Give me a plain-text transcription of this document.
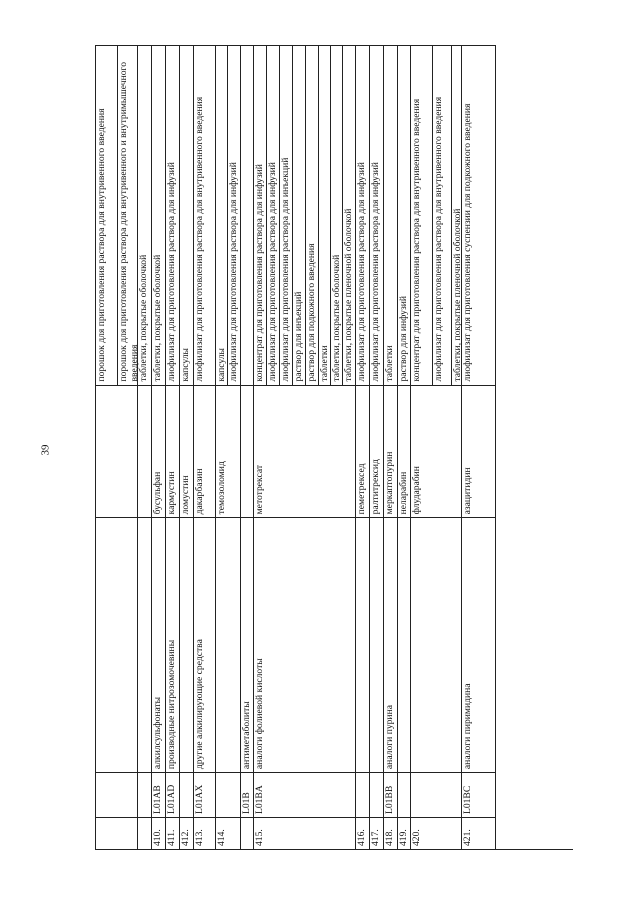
39
порошок для приготовления раствора для внутривенного введения	порошок для приготовления раствора для внутривенного и внутримышечного введения
таблетки, покрытые оболочкой
410.
L01AB
алкилсульфонаты
бусульфан
таблетки, покрытые оболочкой
411.
L01AD
производные нитрозомочевины
кармустин
лиофилизат для приготовления раствора для инфузий
412.
ломустин
капсулы
413.
L01AX
другие алкилирующие средства
дакарбазин
лиофилизат для приготовления раствора для внутривенного введения
414.
темозоломид
капсулы лиофилизат для приготовления раствора для инфузий
L01B
антиметаболиты
415.
L01BA
аналоги фолиевой кислоты
метотрексат
концентрат для приготовления раствора для инфузий лиофилизат для приготовления раствора для инфузий лиофилизат для приготовления раствора для инъекций раствор для инъекций раствор для подкожного введения таблетки таблетки, покрытые оболочкой таблетки, покрытые пленочной оболочкой
416.
пеметрексед
лиофилизат для приготовления раствора для инфузий
417.
ралтитрексид
лиофилизат для приготовления раствора для инфузий
418.
L01BB
аналоги пурина
меркаптопурин
таблетки
419.
неларабин
раствор для инфузий
420.
флударабин
концентрат для приготовления раствора для внутривенного введения	лиофилизат для приготовления раствора для внутривенного введения таблетки, покрытые пленочной оболочкой
421.
L01BC
аналоги пиримидина
азацитидин
лиофилизат для приготовления суспензии для подкожного введения
